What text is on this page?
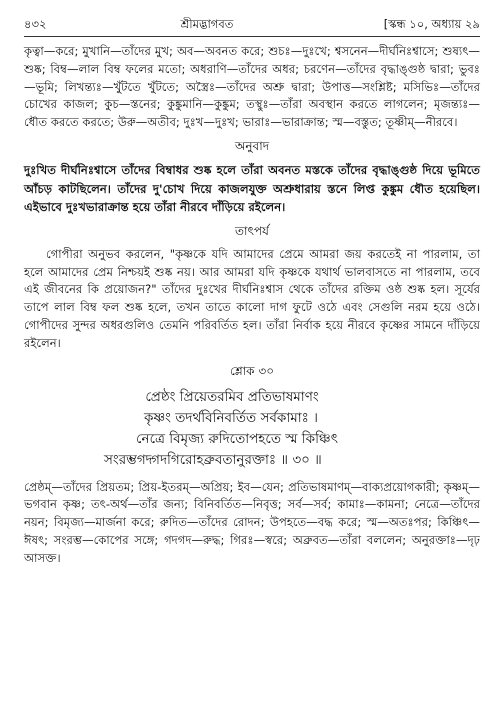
৪৩২	শ্রীমদ্ভাগবত	[স্কন্ধ ১০, অধ্যায় ২৯

কৃত্বা—করে; মুখানি—তাঁদের মুখ; অব—অবনত করে; শুচঃ—দুঃখে; শ্বসনেন—দীর্ঘনিঃশ্বাসে; শুষ্যৎ—শুষ্ক; বিম্ব—লাল বিম্ব ফলের মতো; অধরাণি—তাঁদের অধর; চরণেন—তাঁদের বৃদ্ধাঙ্গুষ্ঠ দ্বারা; ভুবঃ—ভূমি; লিখন্ত্যঃ—খুঁটতে খুঁটতে; অস্ত্রৈঃ—তাঁদের অশ্রু দ্বারা; উপাত্ত—সংশ্লিষ্ট; মসিভিঃ—তাঁদের চোখের কাজল; কুচ—স্তনের; কুঙ্কুমানি—কুঙ্কুম; তস্থুঃ—তাঁরা অবস্থান করতে লাগলেন; মৃজন্ত্যঃ—ধৌত করতে করতে; উরু—অতীব; দুঃখ—দুঃখ; ভারাঃ—ভারাক্রান্ত; স্ম—বস্তুত; তূষ্ণীম্—নীরবে।

অনুবাদ

দুঃখিত দীর্ঘনিঃশ্বাসে তাঁদের বিম্বাধর শুষ্ক হলে তাঁরা অবনত মস্তকে তাঁদের বৃদ্ধাঙ্গুষ্ঠ দিয়ে ভূমিতে আঁচড় কাটছিলেন। তাঁদের দু'চোখ দিয়ে কাজলযুক্ত অশ্রুধারায় স্তনে লিপ্ত কুঙ্কুম ধৌত হয়েছিল। এইভাবে দুঃখভারাক্রান্ত হয়ে তাঁরা নীরবে দাঁড়িয়ে রইলেন।

তাৎপর্য

গোপীরা অনুভব করলেন, "কৃষ্ণকে যদি আমাদের প্রেমে আমরা জয় করতেই না পারলাম, তা হলে আমাদের প্রেম নিশ্চয়ই শুষ্ক নয়। আর আমরা যদি কৃষ্ণকে যথার্থ ভালবাসতে না পারলাম, তবে এই জীবনের কি প্রয়োজন?" তাঁদের দুঃখের দীর্ঘনিঃশ্বাস থেকে তাঁদের রক্তিম ওষ্ঠ শুষ্ক হল। সূর্যের তাপে লাল বিম্ব ফল শুষ্ক হলে, তখন তাতে কালো দাগ ফুটে ওঠে এবং সেগুলি নরম হয়ে ওঠে। গোপীদের সুন্দর অধরগুলিও তেমনি পরিবর্তিত হল। তাঁরা নির্বাক হয়ে নীরবে কৃষ্ণের সামনে দাঁড়িয়ে রইলেন।

শ্লোক ৩০
প্রেষ্ঠং প্রিয়েতরমিব প্রতিভাষমাণং
কৃষ্ণং তদর্থবিনিবর্তিত সর্বকামাঃ ।
নেত্রে বিমৃজ্য রুদিতোপহতে স্ম কিঞ্চিৎ
সংরম্ভগদ্গদগিরোহব্রুবতানুরক্তাঃ ॥ ৩০ ॥

প্রেষ্ঠম্—তাঁদের প্রিয়তম; প্রিয়-ইতরম্—অপ্রিয়; ইব—যেন; প্রতিভাষমাণম্—বাক্যপ্রয়োগকারী; কৃষ্ণম্—ভগবান কৃষ্ণ; তৎ-অর্থ—তাঁর জন্য; বিনিবর্তিত—নিবৃত্ত; সর্ব—সর্ব; কামাঃ—কামনা; নেত্রে—তাঁদের নয়ন; বিমৃজ্য—মার্জনা করে; রুদিত—তাঁদের রোদন; উপহতে—বদ্ধ করে; স্ম—অতঃপর; কিঞ্চিৎ—ঈষৎ; সংরম্ভ—কোপের সঙ্গে; গদগদ—রুদ্ধ; গিরঃ—স্বরে; অব্রুবত—তাঁরা বললেন; অনুরক্তাঃ—দৃঢ় আসক্ত।
